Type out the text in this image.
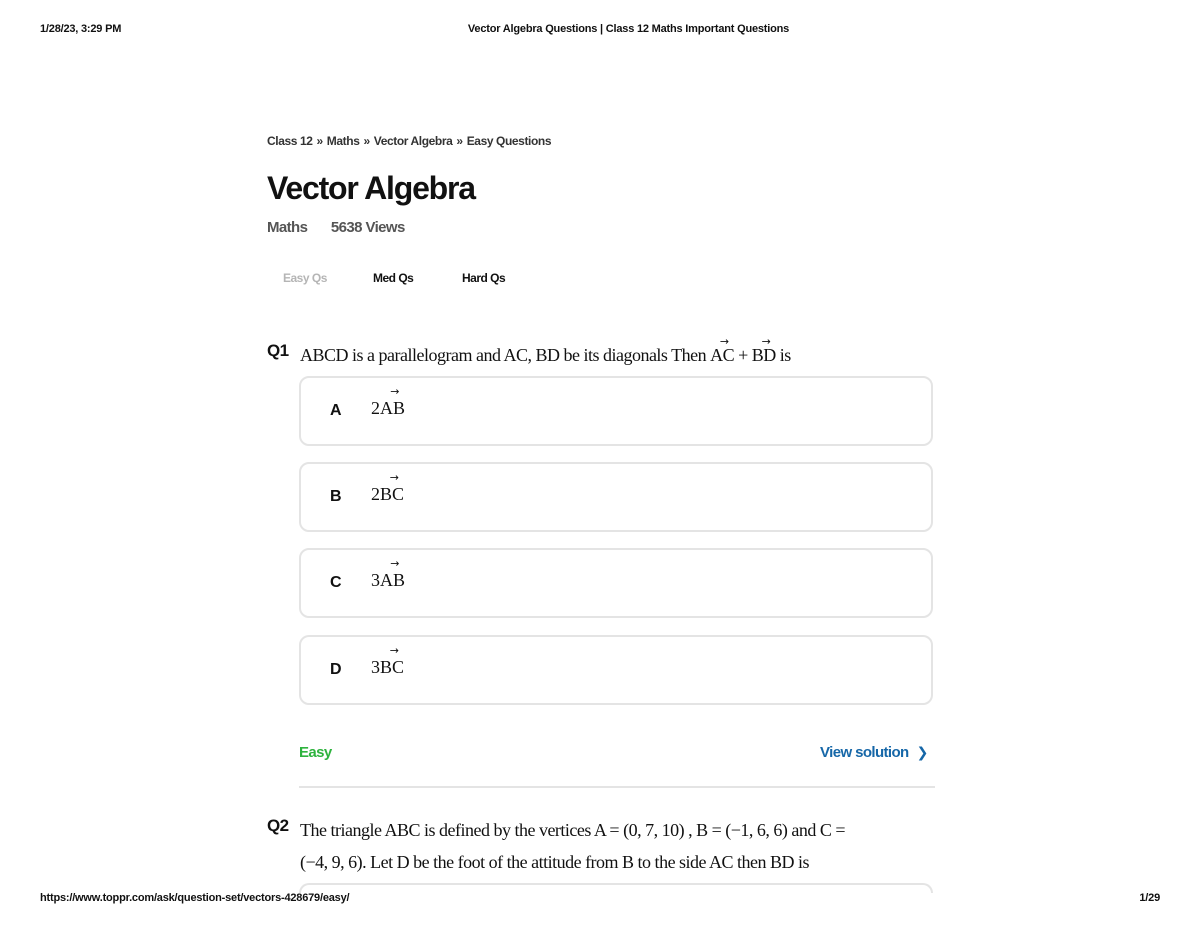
1/28/23, 3:29 PM	Vector Algebra Questions | Class 12 Maths Important Questions
Class 12 » Maths » Vector Algebra » Easy Questions
Vector Algebra
Maths 5638 Views
Easy Qs	Med Qs	Hard Qs
Q1 ABCD is a parallelogram and AC, BD be its diagonals Then → AC + → BD is
A 2→ AB
B 2→ BC
C 3→ AB
D 3→ BC
Easy	View solution ❯
Q2 The triangle ABC is defined by the vertices A = (0, 7, 10) , B = (−1, 6, 6) and C =
(−4, 9, 6). Let D be the foot of the attitude from B to the side AC then BD is
https://www.toppr.com/ask/question-set/vectors-428679/easy/	1/29
